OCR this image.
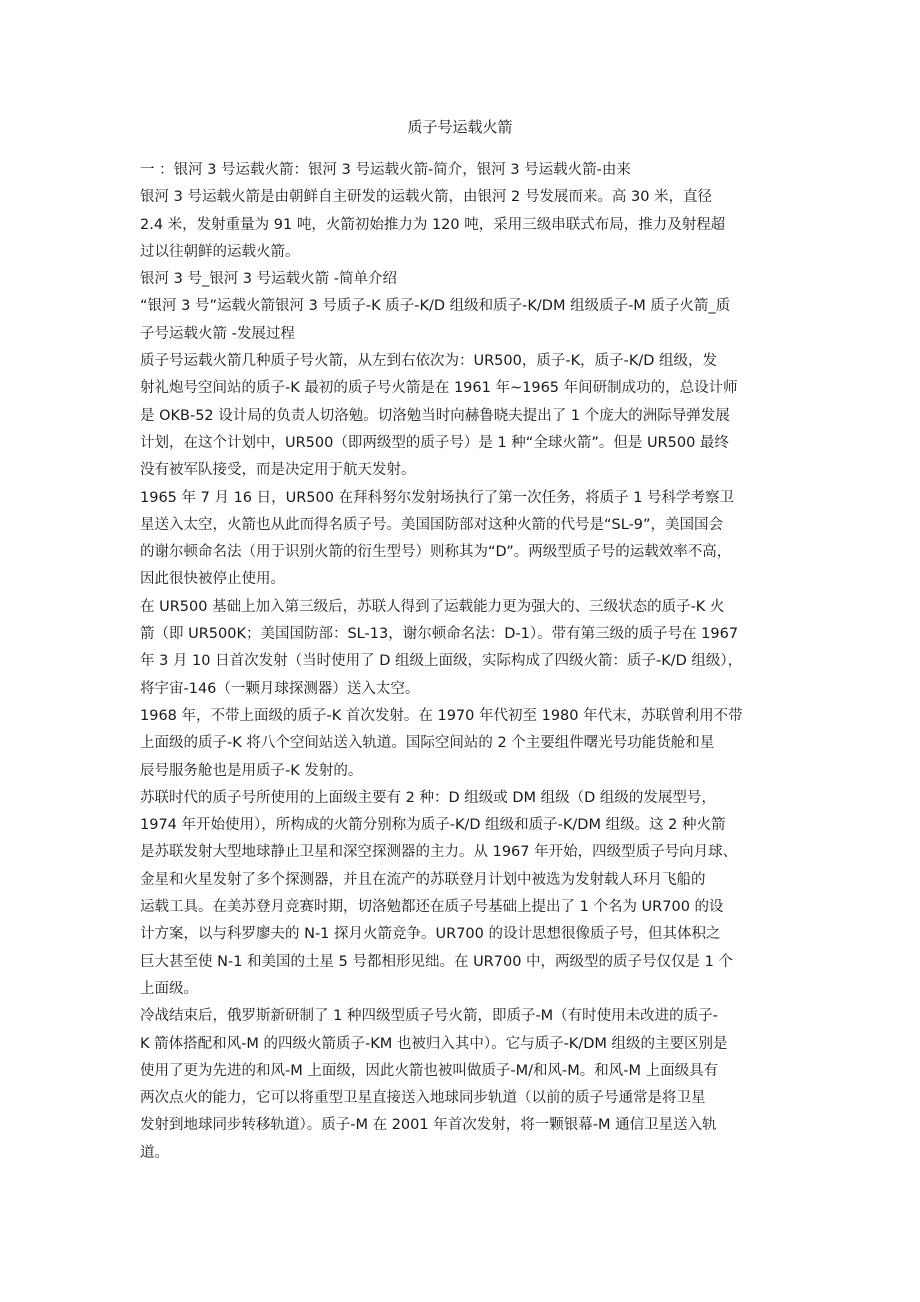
质子号运载火箭
一 ：银河 3 号运载火箭：银河 3 号运载火箭-简介，银河 3 号运载火箭-由来
银河 3 号运载火箭是由朝鲜自主研发的运载火箭，由银河 2 号发展而来。高 30 米，直径
2.4 米，发射重量为 91 吨，火箭初始推力为 120 吨，采用三级串联式布局，推力及射程超
过以往朝鲜的运载火箭。
银河 3 号_银河 3 号运载火箭 -简单介绍
“银河 3 号”运载火箭银河 3 号质子-K 质子-K/D 组级和质子-K/DM 组级质子-M 质子火箭_质
子号运载火箭 -发展过程
质子号运载火箭几种质子号火箭，从左到右依次为：UR500，质子-K，质子-K/D 组级，发
射礼炮号空间站的质子-K 最初的质子号火箭是在 1961 年~1965 年间研制成功的，总设计师
是 OKB-52 设计局的负责人切洛勉。切洛勉当时向赫鲁晓夫提出了 1 个庞大的洲际导弹发展
计划，在这个计划中，UR500（即两级型的质子号）是 1 种“全球火箭”。但是 UR500 最终
没有被军队接受，而是决定用于航天发射。
1965 年 7 月 16 日，UR500 在拜科努尔发射场执行了第一次任务，将质子 1 号科学考察卫
星送入太空，火箭也从此而得名质子号。美国国防部对这种火箭的代号是“SL-9”，美国国会
的谢尔顿命名法（用于识别火箭的衍生型号）则称其为“D”。两级型质子号的运载效率不高，
因此很快被停止使用。
在 UR500 基础上加入第三级后，苏联人得到了运载能力更为强大的、三级状态的质子-K 火
箭（即 UR500K；美国国防部：SL-13，谢尔顿命名法：D-1）。带有第三级的质子号在 1967
年 3 月 10 日首次发射（当时使用了 D 组级上面级，实际构成了四级火箭：质子-K/D 组级），
将宇宙-146（一颗月球探测器）送入太空。
1968 年，不带上面级的质子-K 首次发射。在 1970 年代初至 1980 年代末，苏联曾利用不带
上面级的质子-K 将八个空间站送入轨道。国际空间站的 2 个主要组件曙光号功能货舱和星
辰号服务舱也是用质子-K 发射的。
苏联时代的质子号所使用的上面级主要有 2 种：D 组级或 DM 组级（D 组级的发展型号，
1974 年开始使用），所构成的火箭分别称为质子-K/D 组级和质子-K/DM 组级。这 2 种火箭
是苏联发射大型地球静止卫星和深空探测器的主力。从 1967 年开始，四级型质子号向月球、
金星和火星发射了多个探测器，并且在流产的苏联登月计划中被选为发射载人环月飞船的
运载工具。在美苏登月竞赛时期，切洛勉都还在质子号基础上提出了 1 个名为 UR700 的设
计方案，以与科罗廖夫的 N-1 探月火箭竞争。UR700 的设计思想很像质子号，但其体积之
巨大甚至使 N-1 和美国的土星 5 号都相形见绌。在 UR700 中，两级型的质子号仅仅是 1 个
上面级。
冷战结束后，俄罗斯新研制了 1 种四级型质子号火箭，即质子-M（有时使用未改进的质子-
K 箭体搭配和风-M 的四级火箭质子-KM 也被归入其中）。它与质子-K/DM 组级的主要区别是
使用了更为先进的和风-M 上面级，因此火箭也被叫做质子-M/和风-M。和风-M 上面级具有
两次点火的能力，它可以将重型卫星直接送入地球同步轨道（以前的质子号通常是将卫星
发射到地球同步转移轨道）。质子-M 在 2001 年首次发射，将一颗银幕-M 通信卫星送入轨
道。
